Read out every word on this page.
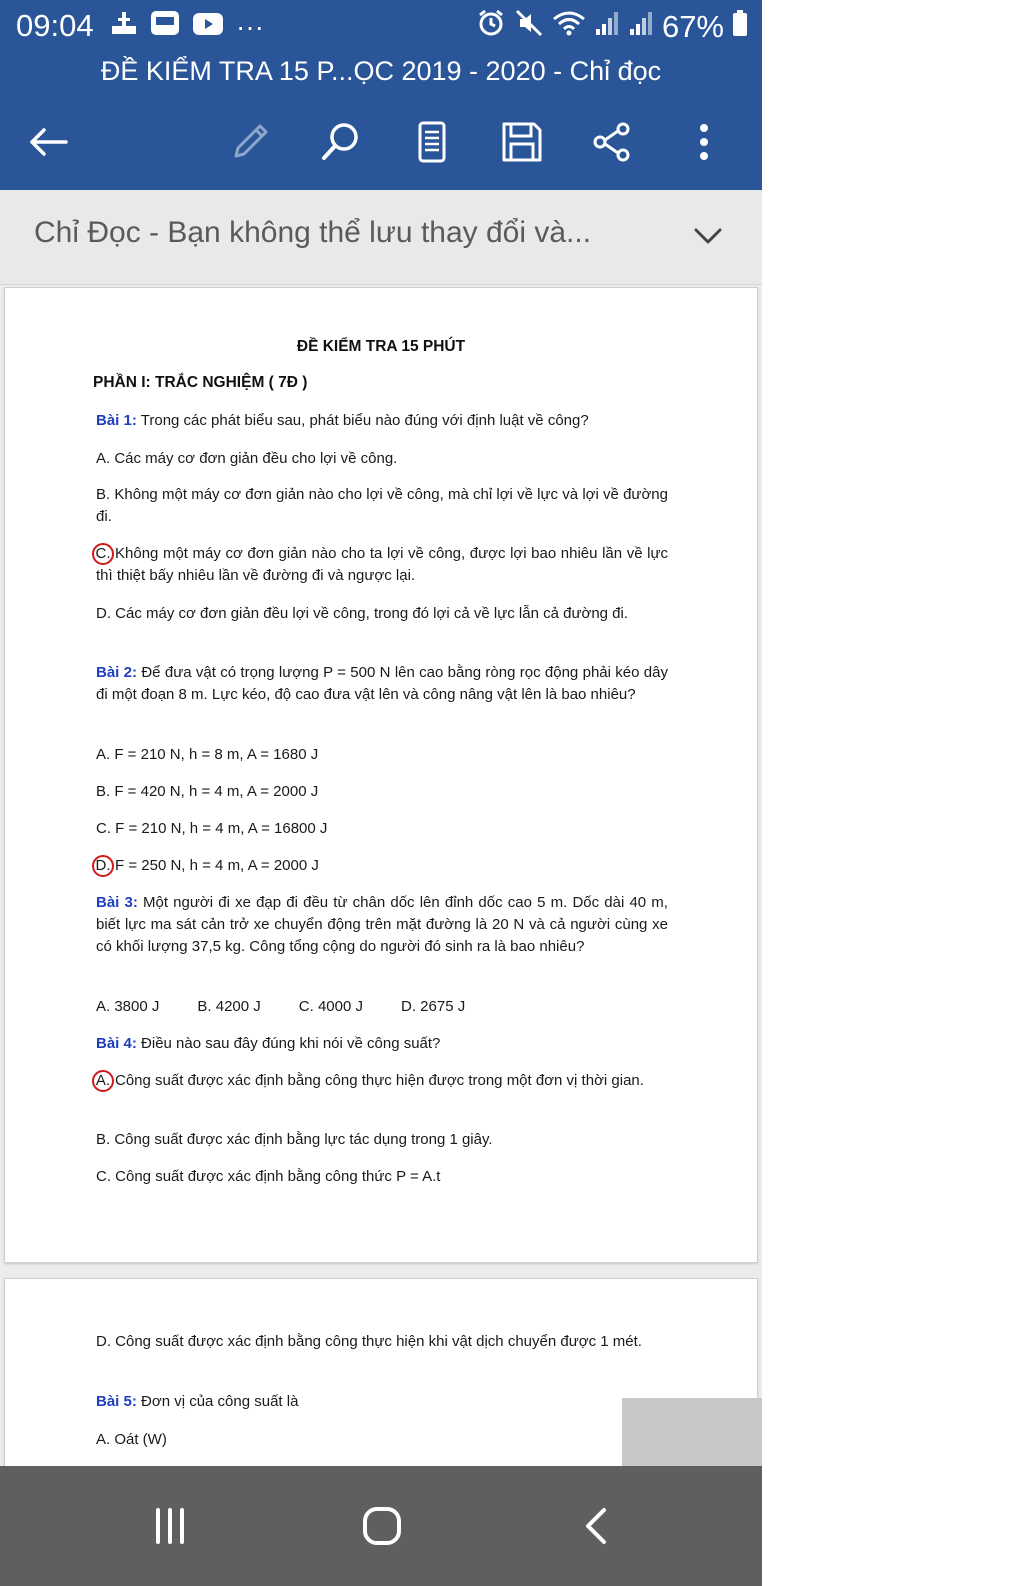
09:04	···	67%
ĐỀ KIỂM TRA 15 P...ỌC 2019 - 2020 - Chỉ đọc
Chỉ Đọc - Bạn không thể lưu thay đổi và...
ĐỀ KIỂM TRA 15 PHÚT
PHẦN I: TRẮC NGHIỆM ( 7Đ )
Bài 1: Trong các phát biểu sau, phát biểu nào đúng với định luật về công?
A. Các máy cơ đơn giản đều cho lợi về công.
B. Không một máy cơ đơn giản nào cho lợi về công, mà chỉ lợi về lực và lợi về đường đi.
C. Không một máy cơ đơn giản nào cho ta lợi về công, được lợi bao nhiêu lần về lực thì thiệt bấy nhiêu lần về đường đi và ngược lại.
D. Các máy cơ đơn giản đều lợi về công, trong đó lợi cả về lực lẫn cả đường đi.
Bài 2: Để đưa vật có trọng lượng P = 500 N lên cao bằng ròng rọc động phải kéo dây đi một đoạn 8 m. Lực kéo, độ cao đưa vật lên và công nâng vật lên là bao nhiêu?
A. F = 210 N, h = 8 m, A = 1680 J
B. F = 420 N, h = 4 m, A = 2000 J
C. F = 210 N, h = 4 m, A = 16800 J
D. F = 250 N, h = 4 m, A = 2000 J
Bài 3: Một người đi xe đạp đi đều từ chân dốc lên đỉnh dốc cao 5 m. Dốc dài 40 m, biết lực ma sát cản trở xe chuyển động trên mặt đường là 20 N và cả người cùng xe có khối lượng 37,5 kg. Công tổng cộng do người đó sinh ra là bao nhiêu?
A. 3800 J	B. 4200 J	C. 4000 J	D. 2675 J
Bài 4: Điều nào sau đây đúng khi nói về công suất?
A. Công suất được xác định bằng công thực hiện được trong một đơn vị thời gian.
B. Công suất được xác định bằng lực tác dụng trong 1 giây.
C. Công suất được xác định bằng công thức P = A.t
D. Công suất được xác định bằng công thực hiện khi vật dịch chuyển được 1 mét.
Bài 5: Đơn vị của công suất là
A. Oát (W)
